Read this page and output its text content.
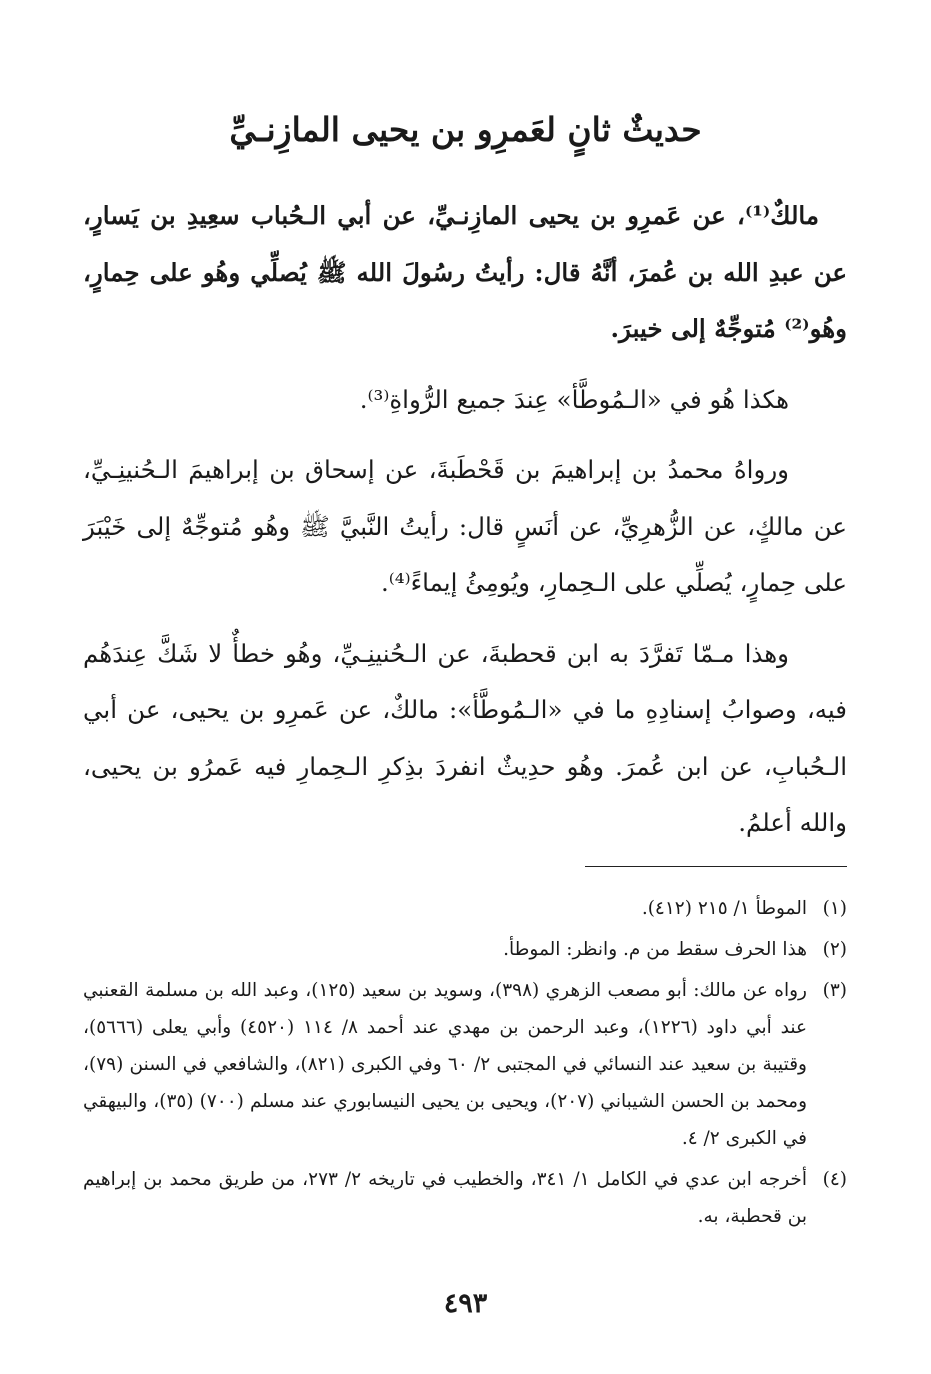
حديثٌ ثانٍ لعَمرِو بن يحيى المازِنـيِّ

مالكٌ⁽¹⁾، عن عَمرِو بن يحيى المازِنـيِّ، عن أبي الـحُباب سعِيدِ بن يَسارٍ، عن عبدِ الله بن عُمرَ، أنَّهُ قال: رأيتُ رسُولَ الله ﷺ يُصلِّي وهُو على حِمارٍ، وهُو⁽²⁾ مُتوجِّهٌ إلى خيبرَ.

هكذا هُو في «الـمُوطَّأ» عِندَ جميع الرُّواةِ⁽³⁾.

ورواهُ محمدُ بن إبراهيمَ بن قَحْطَبةَ، عن إسحاق بن إبراهيمَ الـحُنينِـيِّ، عن مالكٍ، عن الزُّهرِيِّ، عن أنَسٍ قال: رأيتُ النَّبيَّ ﷺ وهُو مُتوجِّهٌ إلى خَيْبَرَ على حِمارٍ، يُصلِّي على الـحِمارِ، ويُومِئُ إيماءً⁽⁴⁾.

وهذا مـمّا تَفرَّدَ به ابن قحطبةَ، عن الـحُنينِـيِّ، وهُو خطأٌ لا شَكَّ عِندَهُم فيه، وصوابُ إسنادِهِ ما في «الـمُوطَّأ»: مالكٌ، عن عَمرِو بن يحيى، عن أبي الـحُبابِ، عن ابن عُمرَ. وهُو حدِيثٌ انفردَ بذِكرِ الـحِمارِ فيه عَمرُو بن يحيى، والله أعلمُ.

(١)الموطأ ١/ ٢١٥ (٤١٢).

(٢)هذا الحرف سقط من م. وانظر: الموطأ.

(٣)رواه عن مالك: أبو مصعب الزهري (٣٩٨)، وسويد بن سعيد (١٢٥)، وعبد الله بن مسلمة القعنبي عند أبي داود (١٢٢٦)، وعبد الرحمن بن مهدي عند أحمد ٨/ ١١٤ (٤٥٢٠) وأبي يعلى (٥٦٦٦)، وقتيبة بن سعيد عند النسائي في المجتبى ٢/ ٦٠ وفي الكبرى (٨٢١)، والشافعي في السنن (٧٩)، ومحمد بن الحسن الشيباني (٢٠٧)، ويحيى بن يحيى النيسابوري عند مسلم (٧٠٠) (٣٥)، والبيهقي في الكبرى ٢/ ٤.

(٤)أخرجه ابن عدي في الكامل ١/ ٣٤١، والخطيب في تاريخه ٢/ ٢٧٣، من طريق محمد بن إبراهيم بن قحطبة، به.

٤٩٣
